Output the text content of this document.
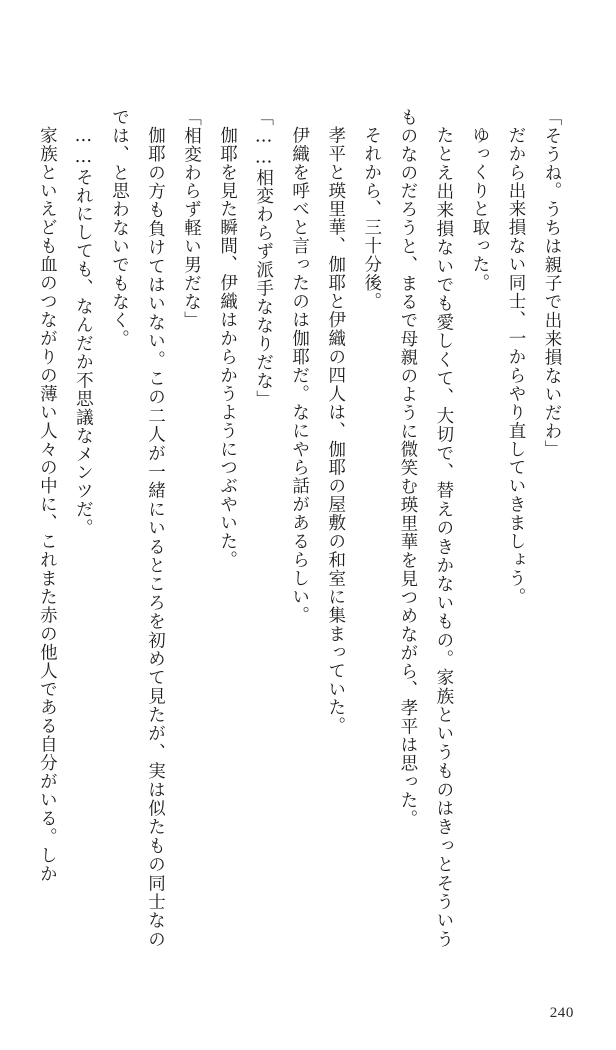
「そうね。うちは親子で出来損ないだわ」

だから出来損ない同士、一からやり直していきましょう。

ゆっくりと取った。

たとえ出来損ないでも愛しくて、大切で、替えのきかないもの。家族というものはきっとそういうものなのだろうと、まるで母親のように微笑む瑛里華を見つめながら、孝平は思った。

それから、三十分後。

孝平と瑛里華、伽耶と伊織の四人は、伽耶の屋敷の和室に集まっていた。

伊織を呼べと言ったのは伽耶だ。なにやら話があるらしい。

「……相変わらず派手ななりだな」

伽耶を見た瞬間、伊織はからかうようにつぶやいた。

「相変わらず軽い男だな」

伽耶の方も負けてはいない。この二人が一緒にいるところを初めて見たが、実は似たもの同士なのでは、と思わないでもなく。

……それにしても、なんだか不思議なメンツだ。

家族といえども血のつながりの薄い人々の中に、これまた赤の他人である自分がいる。しか

240
